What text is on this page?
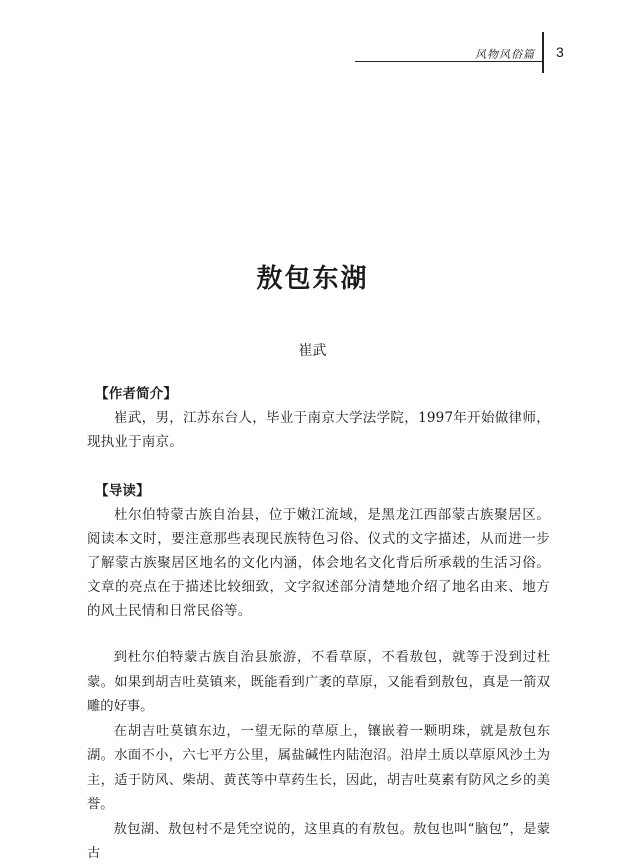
风物风俗篇 3
敖包东湖
崔武
【作者简介】

崔武，男，江苏东台人，毕业于南京大学法学院，1997年开始做律师，现执业于南京。

【导读】

杜尔伯特蒙古族自治县，位于嫩江流域，是黑龙江西部蒙古族聚居区。阅读本文时，要注意那些表现民族特色习俗、仪式的文字描述，从而进一步了解蒙古族聚居区地名的文化内涵，体会地名文化背后所承载的生活习俗。文章的亮点在于描述比较细致，文字叙述部分清楚地介绍了地名由来、地方的风土民情和日常民俗等。

到杜尔伯特蒙古族自治县旅游，不看草原，不看敖包，就等于没到过杜蒙。如果到胡吉吐莫镇来，既能看到广袤的草原，又能看到敖包，真是一箭双雕的好事。

在胡吉吐莫镇东边，一望无际的草原上，镶嵌着一颗明珠，就是敖包东湖。水面不小，六七平方公里，属盐碱性内陆泡沼。沿岸土质以草原风沙土为主，适于防风、柴胡、黄芪等中草药生长，因此，胡吉吐莫素有防风之乡的美誉。

敖包湖、敖包村不是凭空说的，这里真的有敖包。敖包也叫“脑包”，是蒙古
